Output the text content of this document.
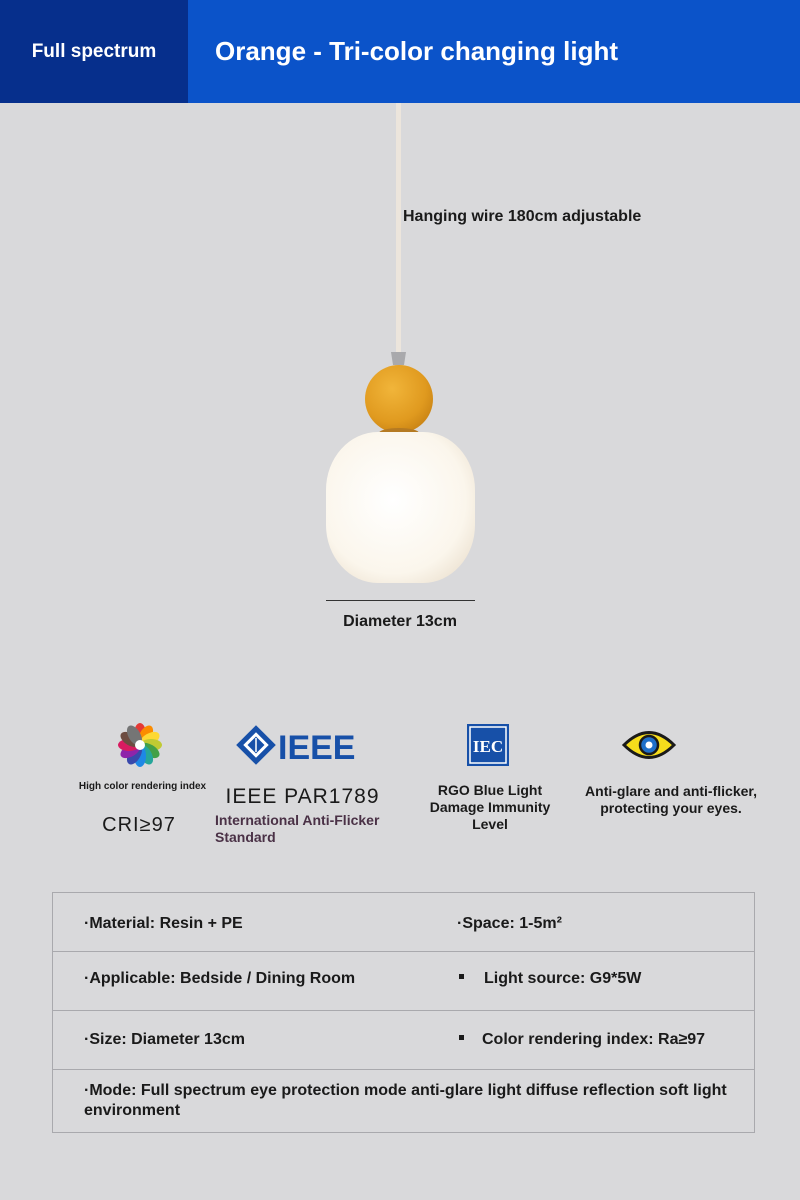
Full spectrum	Orange - Tri-color changing light
Hanging wire 180cm adjustable
Diameter 13cm
High color rendering index
CRI≥97
IEEE
IEEE PAR1789
International Anti-Flicker
Standard
IEC
RGO Blue Light
Damage Immunity
Level
Anti-glare and anti-flicker,
protecting your eyes.
·Material: Resin + PE	·Space: 1-5m²
·Applicable: Bedside / Dining Room	Light source: G9*5W
·Size: Diameter 13cm	Color rendering index: Ra≥97
·Mode: Full spectrum eye protection mode anti-glare light diffuse reflection soft light environment
